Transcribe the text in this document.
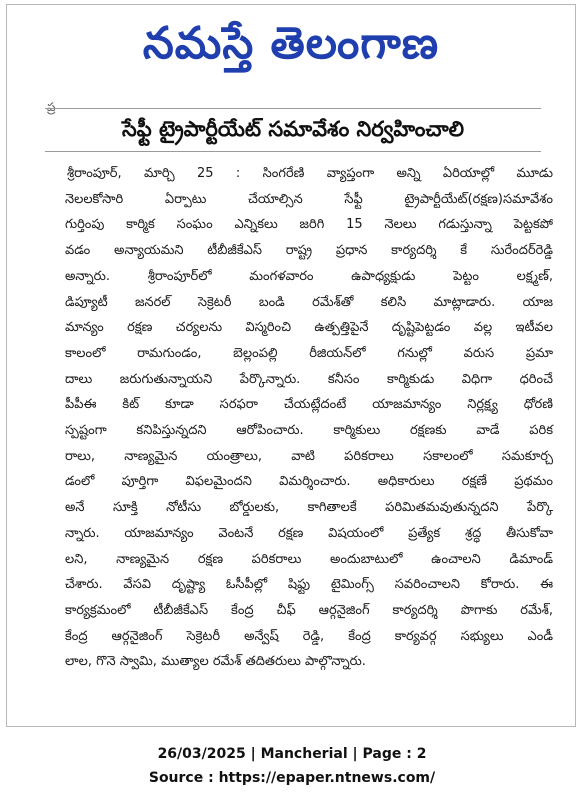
నమస్తే తెలంగాణ
ప్ర
సేఫ్టీ ట్రైపార్టీయేట్ సమావేశం నిర్వహించాలి
శ్రీరాంపూర్, మార్చి 25 : సింగరేణి వ్యాప్తంగా అన్ని ఏరియాల్లో మూడు
నెలలకోసారి ఏర్పాటు చేయాల్సిన సేఫ్టీ ట్రైపార్టీయేట్(రక్షణ)సమావేశం
గుర్తింపు కార్మిక సంఘం ఎన్నికలు జరిగి 15 నెలలు గడుస్తున్నా పెట్టకపో
వడం అన్యాయమని టీబీజీకేఎస్ రాష్ట్ర ప్రధాన కార్యదర్శి కే సురేందర్‌రెడ్డి
అన్నారు. శ్రీరాంపూర్‌లో మంగళవారం ఉపాధ్యక్షుడు పెట్టం లక్ష్మణ్,
డిప్యూటీ జనరల్ సెక్రెటరీ బండి రమేశ్‌తో కలిసి మాట్లాడారు. యాజ
మాన్యం రక్షణ చర్యలను విస్మరించి ఉత్పత్తిపైనే దృష్టిపెట్టడం వల్ల ఇటీవల
కాలంలో రామగుండం, బెల్లంపల్లి రీజియన్‌లో గనుల్లో వరుస ప్రమా
దాలు జరుగుతున్నాయని పేర్కొన్నారు. కనీసం కార్మికుడు విధిగా ధరించే
పీపీఈ కిట్ కూడా సరఫరా చేయట్లేదంటే యాజమాన్యం నిర్లక్ష్య ధోరణి
స్పష్టంగా కనిపిస్తున్నదని ఆరోపించారు. కార్మికులు రక్షణకు వాడే పరిక
రాలు, నాణ్యమైన యంత్రాలు, వాటి పరికరాలు సకాలంలో సమకూర్చ
డంలో పూర్తిగా విఫలమైందని విమర్శించారు. అధికారులు రక్షణే ప్రథమం
అనే సూక్తి నోటీసు బోర్డులకు, కాగితాలకే పరిమితమవుతున్నదని పేర్కొ
న్నారు. యాజమాన్యం వెంటనే రక్షణ విషయంలో ప్రత్యేక శ్రద్ధ తీసుకోవా
లని, నాణ్యమైన రక్షణ పరికరాలు అందుబాటులో ఉంచాలని డిమాండ్
చేశారు. వేసవి దృష్ట్యా ఓసీపీల్లో షిఫ్టు టైమింగ్స్ సవరించాలని కోరారు. ఈ
కార్యక్రమంలో టీబీజీకేఎస్ కేంద్ర చీఫ్ ఆర్గనైజింగ్ కార్యదర్శి పొగాకు రమేశ్,
కేంద్ర ఆర్గనైజింగ్ సెక్రెటరీ అన్వేష్ రెడ్డి, కేంద్ర కార్యవర్గ సభ్యులు ఎండీ
లాల, గొనె స్వామి, ముత్యాల రమేశ్ తదితరులు పాల్గొన్నారు.
26/03/2025 | Mancherial | Page : 2
Source : https://epaper.ntnews.com/
